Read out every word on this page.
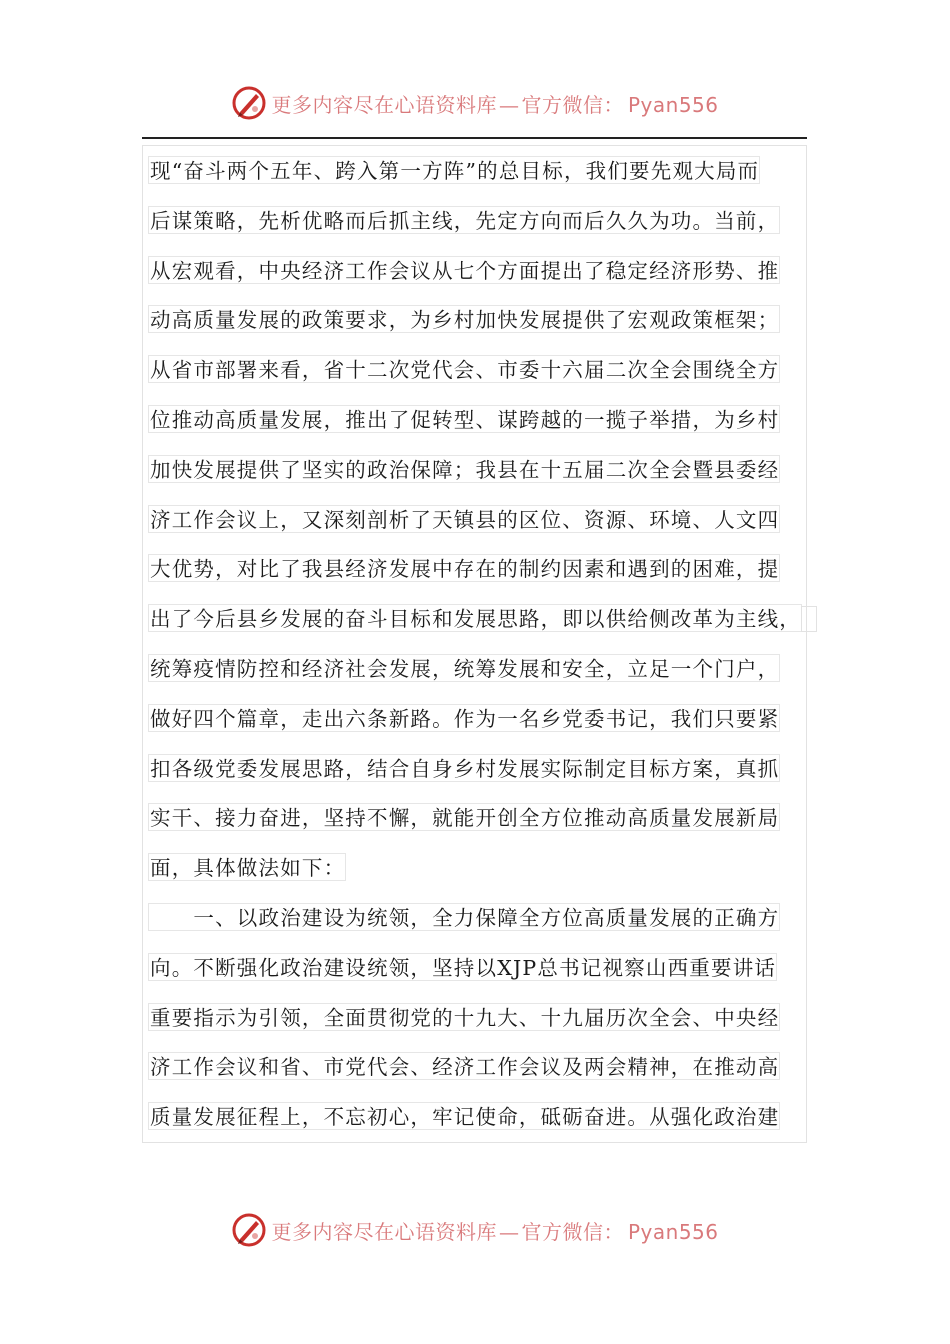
更多内容尽在心语资料库 — 官方微信： Pyan556
现“奋斗两个五年、跨入第一方阵”的总目标，我们要先观大局而
后谋策略，先析优略而后抓主线，先定方向而后久久为功。当前，
从宏观看，中央经济工作会议从七个方面提出了稳定经济形势、推
动高质量发展的政策要求，为乡村加快发展提供了宏观政策框架；
从省市部署来看，省十二次党代会、市委十六届二次全会围绕全方
位推动高质量发展，推出了促转型、谋跨越的一揽子举措，为乡村
加快发展提供了坚实的政治保障；我县在十五届二次全会暨县委经
济工作会议上，又深刻剖析了天镇县的区位、资源、环境、人文四
大优势，对比了我县经济发展中存在的制约因素和遇到的困难，提
出了今后县乡发展的奋斗目标和发展思路，即以供给侧改革为主线，
统筹疫情防控和经济社会发展，统筹发展和安全，立足一个门户，
做好四个篇章，走出六条新路。作为一名乡党委书记，我们只要紧
扣各级党委发展思路，结合自身乡村发展实际制定目标方案，真抓
实干、接力奋进，坚持不懈，就能开创全方位推动高质量发展新局
面，具体做法如下：
　　一、以政治建设为统领，全力保障全方位高质量发展的正确方
向。不断强化政治建设统领，坚持以XJP总书记视察山西重要讲话
重要指示为引领，全面贯彻党的十九大、十九届历次全会、中央经
济工作会议和省、市党代会、经济工作会议及两会精神，在推动高
质量发展征程上，不忘初心，牢记使命，砥砺奋进。从强化政治建
更多内容尽在心语资料库 — 官方微信： Pyan556
